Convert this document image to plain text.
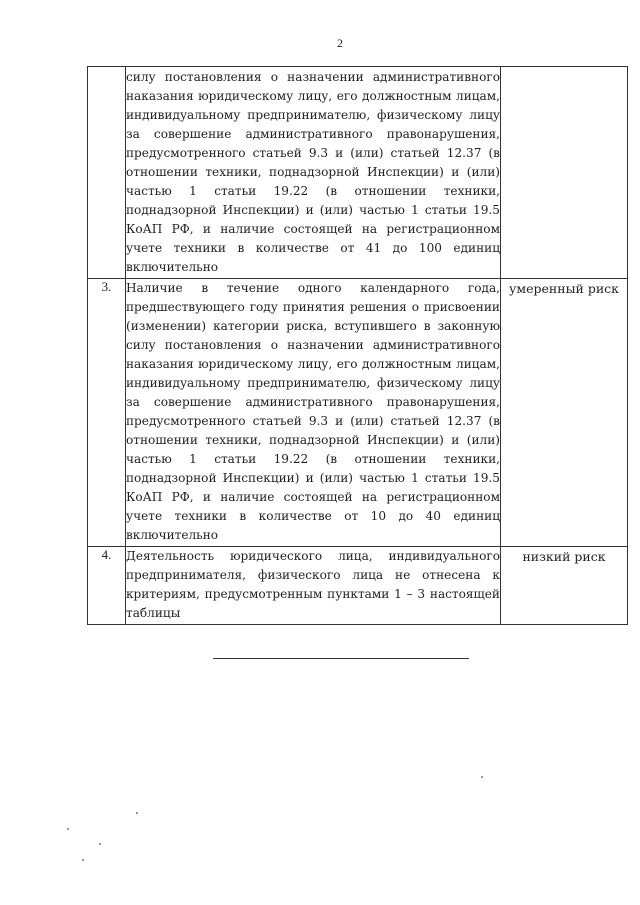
2
	силу постановления о назначении административного наказания юридическому лицу, его должностным лицам, индивидуальному предпринимателю, физическому лицу за совершение административного правонарушения, предусмотренного статьей 9.3 и (или) статьей 12.37 (в отношении техники, поднадзорной Инспекции) и (или) частью 1 статьи 19.22 (в отношении техники, поднадзорной Инспекции) и (или) частью 1 статьи 19.5 КоАП РФ, и наличие состоящей на регистрационном учете техники в количестве от 41 до 100 единиц включительно	
3.	Наличие в течение одного календарного года, предшествующего году принятия решения о присвоении (изменении) категории риска, вступившего в законную силу постановления о назначении административного наказания юридическому лицу, его должностным лицам, индивидуальному предпринимателю, физическому лицу за совершение административного правонарушения, предусмотренного статьей 9.3 и (или) статьей 12.37 (в отношении техники, поднадзорной Инспекции) и (или) частью 1 статьи 19.22 (в отношении техники, поднадзорной Инспекции) и (или) частью 1 статьи 19.5 КоАП РФ, и наличие состоящей на регистрационном учете техники в количестве от 10 до 40 единиц включительно	умеренный риск
4.	Деятельность юридического лица, индивидуального предпринимателя, физического лица не отнесена к критериям, предусмотренным пунктами 1 – 3 настоящей таблицы	низкий риск
